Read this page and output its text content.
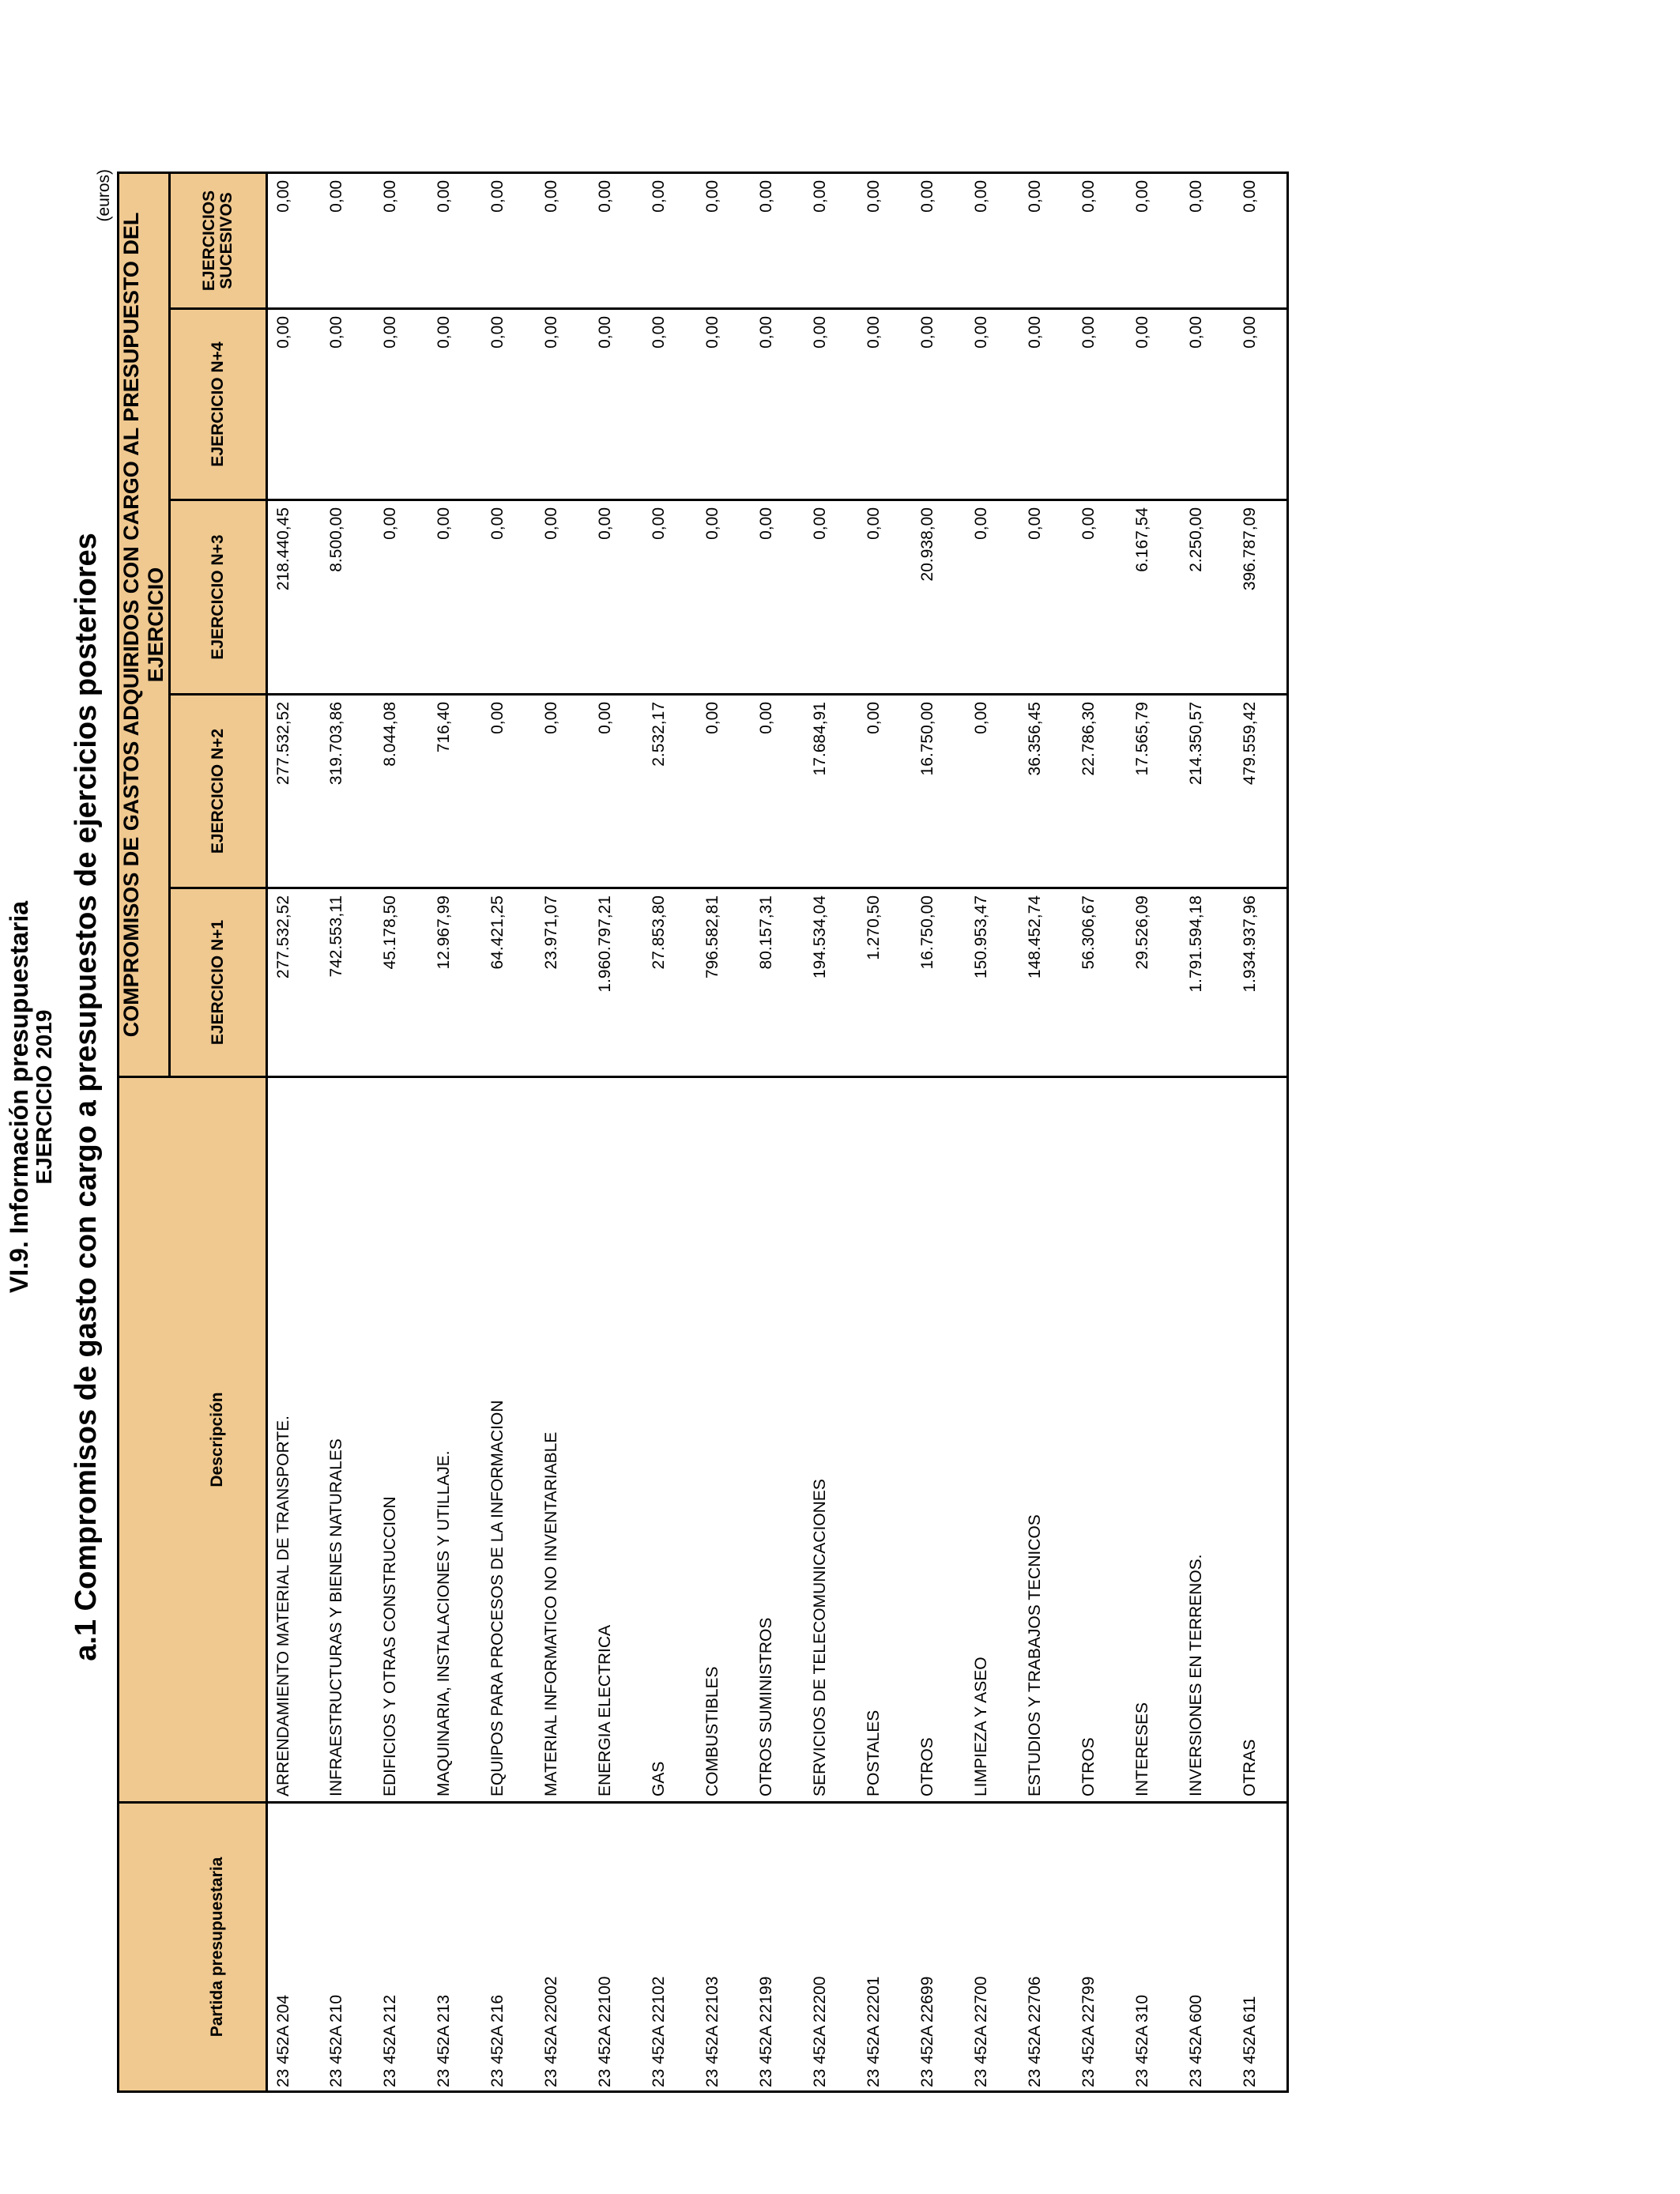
VI.9. Información presupuestaria
EJERCICIO 2019 a.1 Compromisos de gasto con cargo a presupuestos de ejercicios posteriores
(euros)
		COMPROMISOS DE GASTOS ADQUIRIDOS CON CARGO AL PRESUPUESTO DEL EJERCICIO				
Partida presupuestaria	Descripción	EJERCICIO N+1	EJERCICIO N+2	EJERCICIO N+3	EJERCICIO N+4	EJERCICIOS SUCESIVOS
23 452A204	ARRENDAMIENTO MATERIAL DE TRANSPORTE.	277.532,52	277.532,52	218.440,45	0,00	0,00
23 452A210	INFRAESTRUCTURAS Y BIENES NATURALES	742.553,11	319.703,86	8.500,00	0,00	0,00
23 452A212	EDIFICIOS Y OTRAS CONSTRUCCION	45.178,50	8.044,08	0,00	0,00	0,00
23 452A213	MAQUINARIA, INSTALACIONES Y UTILLAJE.	12.967,99	716,40	0,00	0,00	0,00
23 452A216	EQUIPOS PARA PROCESOS DE LA INFORMACION	64.421,25	0,00	0,00	0,00	0,00
23 452A22002	MATERIAL INFORMATICO NO INVENTARIABLE	23.971,07	0,00	0,00	0,00	0,00
23 452A22100	ENERGIA ELECTRICA	1.960.797,21	0,00	0,00	0,00	0,00
23 452A22102	GAS	27.853,80	2.532,17	0,00	0,00	0,00
23 452A22103	COMBUSTIBLES	796.582,81	0,00	0,00	0,00	0,00
23 452A22199	OTROS SUMINISTROS	80.157,31	0,00	0,00	0,00	0,00
23 452A22200	SERVICIOS DE TELECOMUNICACIONES	194.534,04	17.684,91	0,00	0,00	0,00
23 452A22201	POSTALES	1.270,50	0,00	0,00	0,00	0,00
23 452A22699	OTROS	16.750,00	16.750,00	20.938,00	0,00	0,00
23 452A22700	LIMPIEZA Y ASEO	150.953,47	0,00	0,00	0,00	0,00
23 452A22706	ESTUDIOS Y TRABAJOS TECNICOS	148.452,74	36.356,45	0,00	0,00	0,00
23 452A22799	OTROS	56.306,67	22.786,30	0,00	0,00	0,00
23 452A310	INTERESES	29.526,09	17.565,79	6.167,54	0,00	0,00
23 452A600	INVERSIONES EN TERRENOS.	1.791.594,18	214.350,57	2.250,00	0,00	0,00
23 452A611	OTRAS	1.934.937,96	479.559,42	396.787,09	0,00	0,00
